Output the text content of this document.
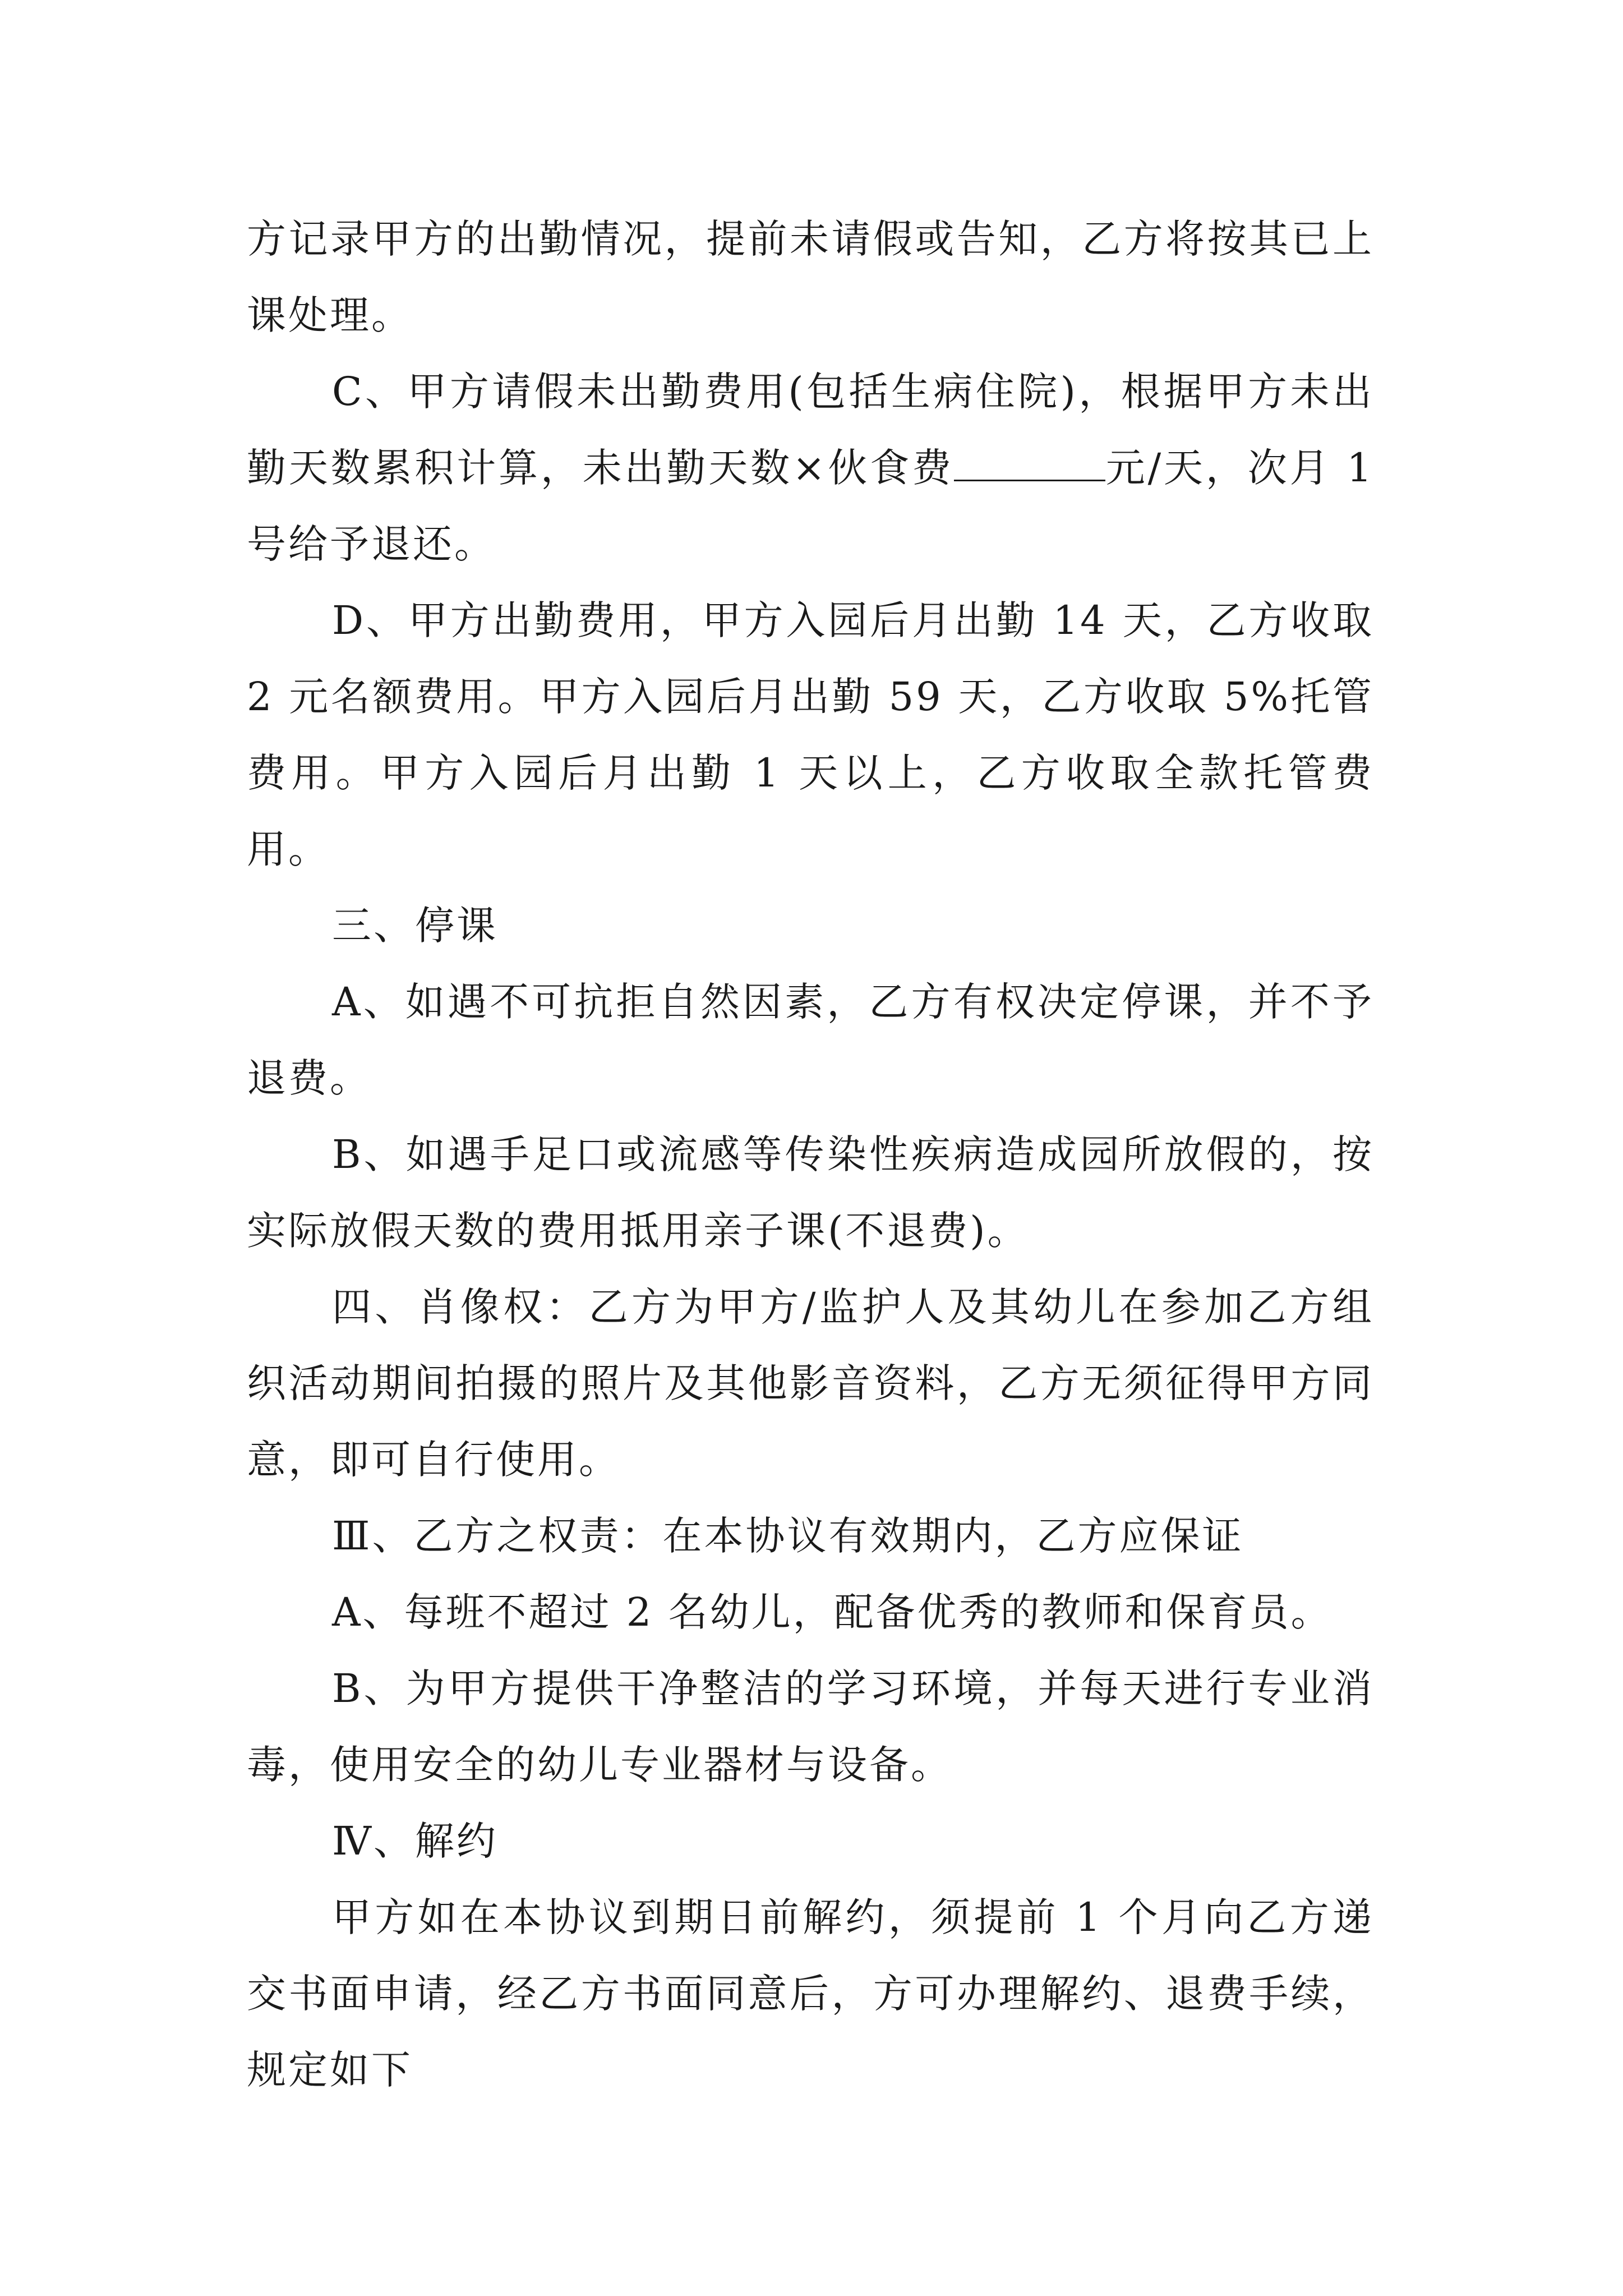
方记录甲方的出勤情况，提前未请假或告知，乙方将按其已上课处理。

C、甲方请假未出勤费用(包括生病住院)，根据甲方未出勤天数累积计算，未出勤天数×伙食费	元/天，次月 1 号给予退还。

D、甲方出勤费用，甲方入园后月出勤 14 天，乙方收取 2 元名额费用。甲方入园后月出勤 59 天，乙方收取 5%托管费用。甲方入园后月出勤 1 天以上，乙方收取全款托管费用。

三、停课

A、如遇不可抗拒自然因素，乙方有权决定停课，并不予退费。

B、如遇手足口或流感等传染性疾病造成园所放假的，按实际放假天数的费用抵用亲子课(不退费)。

四、肖像权：乙方为甲方/监护人及其幼儿在参加乙方组织活动期间拍摄的照片及其他影音资料，乙方无须征得甲方同意，即可自行使用。

Ⅲ、乙方之权责：在本协议有效期内，乙方应保证

A、每班不超过 2 名幼儿，配备优秀的教师和保育员。

B、为甲方提供干净整洁的学习环境，并每天进行专业消毒，使用安全的幼儿专业器材与设备。

Ⅳ、解约

甲方如在本协议到期日前解约，须提前 1 个月向乙方递交书面申请，经乙方书面同意后，方可办理解约、退费手续，规定如下
